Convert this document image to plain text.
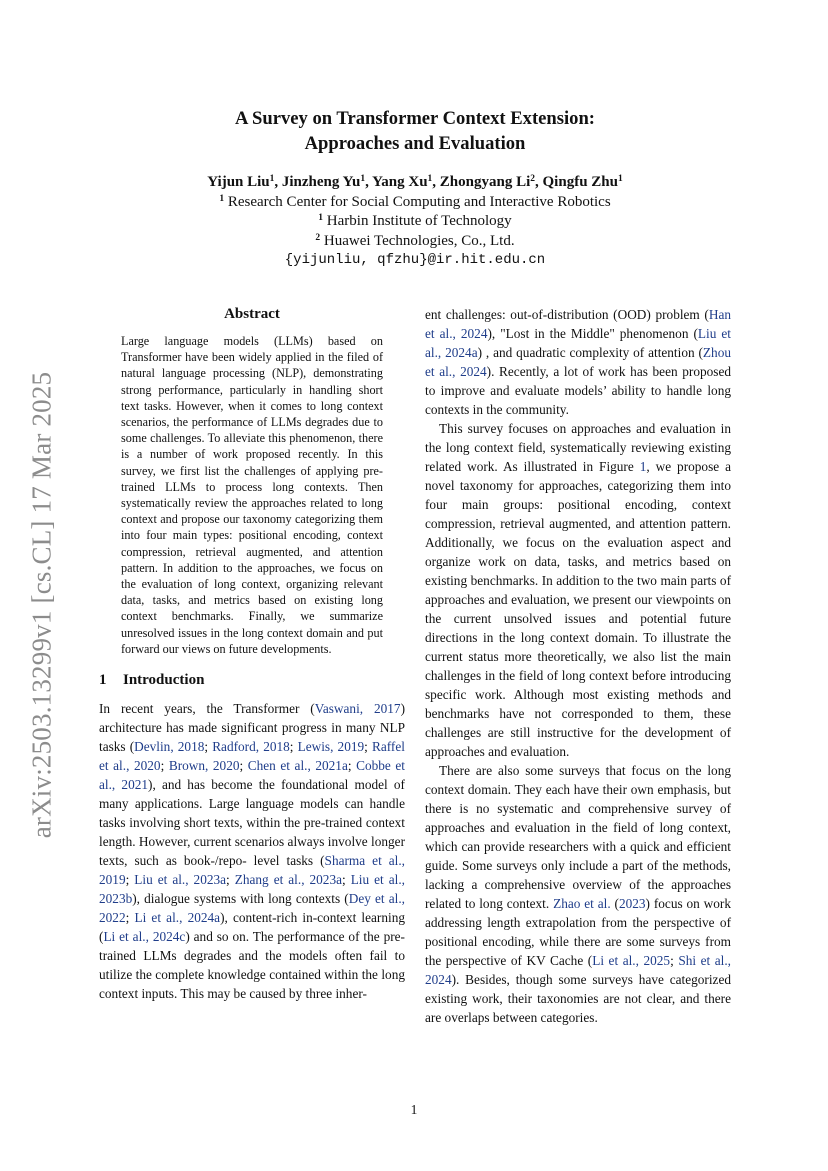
arXiv:2503.13299v1 [cs.CL] 17 Mar 2025
A Survey on Transformer Context Extension:
Approaches and Evaluation
Yijun Liu$^1$, Jinzheng Yu$^1$, Yang Xu$^1$, Zhongyang Li$^2$, Qingfu Zhu$^1$
$^1$ Research Center for Social Computing and Interactive Robotics
$^1$ Harbin Institute of Technology
$^2$ Huawei Technologies, Co., Ltd.
{yijunliu, qfzhu}@ir.hit.edu.cn
Abstract

Large language models (LLMs) based on Transformer have been widely applied in the filed of natural language processing (NLP), demonstrating strong performance, particularly in handling short text tasks. However, when it comes to long context scenarios, the performance of LLMs degrades due to some challenges. To alleviate this phenomenon, there is a number of work proposed recently. In this survey, we first list the challenges of applying pre-trained LLMs to process long contexts. Then systematically review the approaches related to long context and propose our taxonomy categorizing them into four main types: positional encoding, context compression, retrieval augmented, and attention pattern. In addition to the approaches, we focus on the evaluation of long context, organizing relevant data, tasks, and metrics based on existing long context benchmarks. Finally, we summarize unresolved issues in the long context domain and put forward our views on future developments.

1 Introduction

In recent years, the Transformer (Vaswani, 2017) architecture has made significant progress in many NLP tasks (Devlin, 2018; Radford, 2018; Lewis, 2019; Raffel et al., 2020; Brown, 2020; Chen et al., 2021a; Cobbe et al., 2021), and has become the foundational model of many applications. Large language models can handle tasks involving short texts, within the pre-trained context length. However, current scenarios always involve longer texts, such as book-/repo- level tasks (Sharma et al., 2019; Liu et al., 2023a; Zhang et al., 2023a; Liu et al., 2023b), dialogue systems with long contexts (Dey et al., 2022; Li et al., 2024a), content-rich in-context learning (Li et al., 2024c) and so on. The performance of the pre-trained LLMs degrades and the models often fail to utilize the complete knowledge contained within the long context inputs. This may be caused by three inher-

ent challenges: out-of-distribution (OOD) problem (Han et al., 2024), "Lost in the Middle" phenomenon (Liu et al., 2024a) , and quadratic complexity of attention (Zhou et al., 2024). Recently, a lot of work has been proposed to improve and evaluate models’ ability to handle long contexts in the community.

This survey focuses on approaches and evaluation in the long context field, systematically reviewing existing related work. As illustrated in Figure 1, we propose a novel taxonomy for approaches, categorizing them into four main groups: positional encoding, context compression, retrieval augmented, and attention pattern. Additionally, we focus on the evaluation aspect and organize work on data, tasks, and metrics based on existing benchmarks. In addition to the two main parts of approaches and evaluation, we present our viewpoints on the current unsolved issues and potential future directions in the long context domain. To illustrate the current status more theoretically, we also list the main challenges in the field of long context before introducing specific work. Although most existing methods and benchmarks have not corresponded to them, these challenges are still instructive for the development of approaches and evaluation.

There are also some surveys that focus on the long context domain. They each have their own emphasis, but there is no systematic and comprehensive survey of approaches and evaluation in the field of long context, which can provide researchers with a quick and efficient guide. Some surveys only include a part of the methods, lacking a comprehensive overview of the approaches related to long context. Zhao et al. (2023) focus on work addressing length extrapolation from the perspective of positional encoding, while there are some surveys from the perspective of KV Cache (Li et al., 2025; Shi et al., 2024). Besides, though some surveys have categorized existing work, their taxonomies are not clear, and there are overlaps between categories.

1
